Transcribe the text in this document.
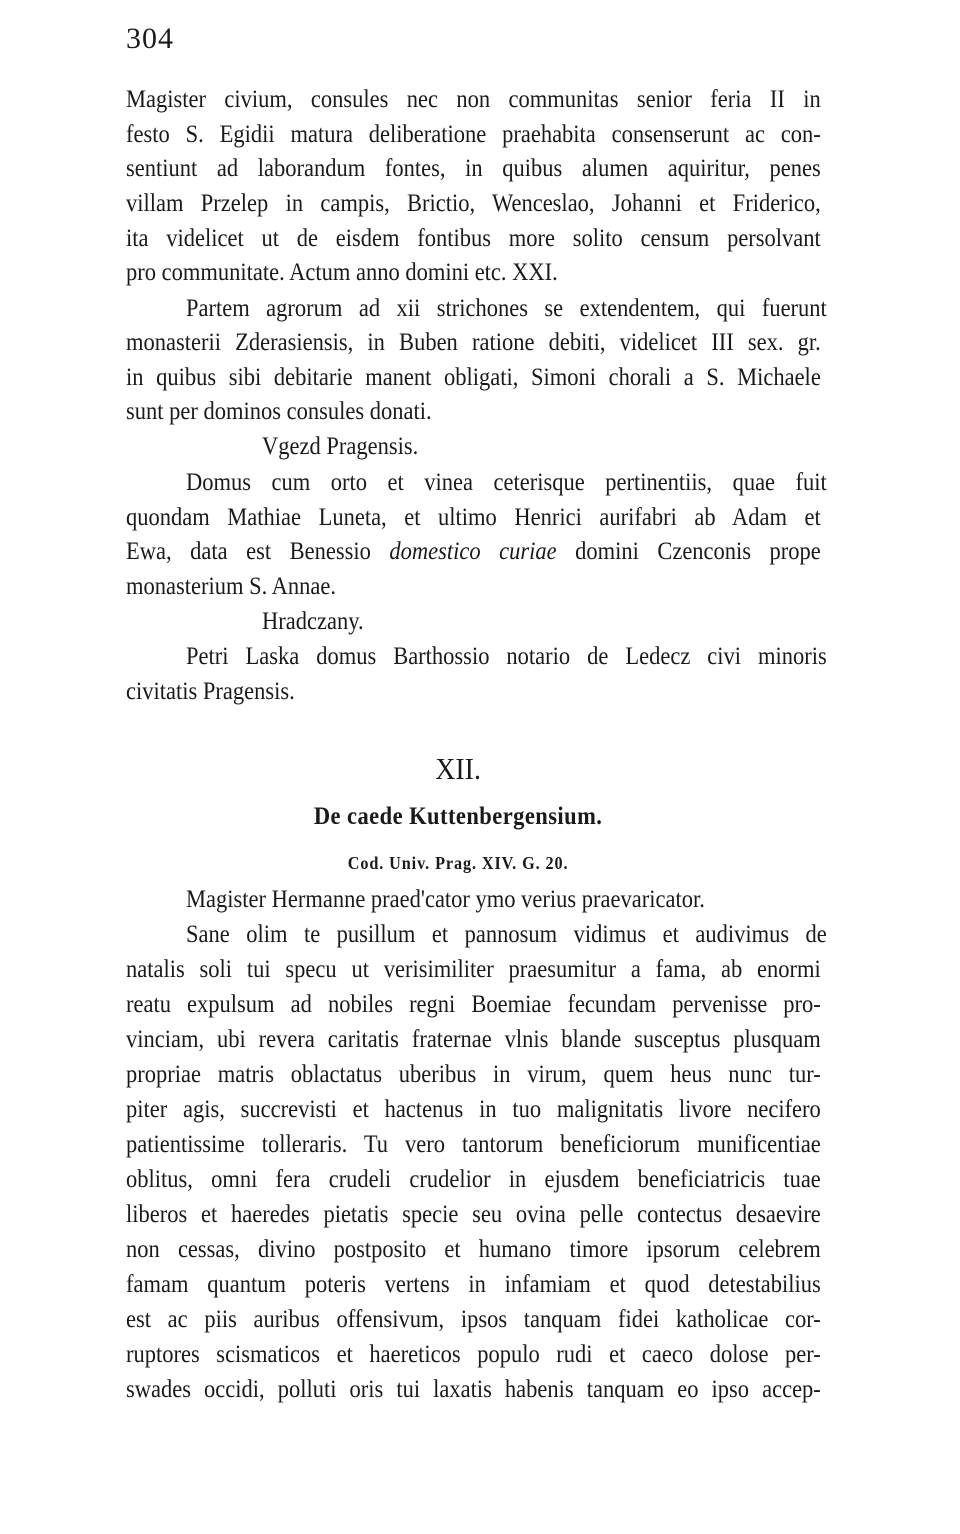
304
Magister civium, consules nec non communitas senior feria II in
festo S. Egidii matura deliberatione praehabita consenserunt ac con-
sentiunt ad laborandum fontes, in quibus alumen aquiritur, penes
villam Przelep in campis, Brictio, Wenceslao, Johanni et Friderico,
ita videlicet ut de eisdem fontibus more solito censum persolvant
pro communitate. Actum anno domini etc. XXI.
Partem agrorum ad xii strichones se extendentem, qui fuerunt
monasterii Zderasiensis, in Buben ratione debiti, videlicet III sex. gr.
in quibus sibi debitarie manent obligati, Simoni chorali a S. Michaele
sunt per dominos consules donati.
Vgezd Pragensis.
Domus cum orto et vinea ceterisque pertinentiis, quae fuit
quondam Mathiae Luneta, et ultimo Henrici aurifabri ab Adam et
Ewa, data est Benessio domestico curiae domini Czenconis prope
monasterium S. Annae.
Hradczany.
Petri Laska domus Barthossio notario de Ledecz civi minoris
civitatis Pragensis.
XII.
De caede Kuttenbergensium.
Cod. Univ. Prag. XIV. G. 20.
Magister Hermanne praed'cator ymo verius praevaricator.
Sane olim te pusillum et pannosum vidimus et audivimus de
natalis soli tui specu ut verisimiliter praesumitur a fama, ab enormi
reatu expulsum ad nobiles regni Boemiae fecundam pervenisse pro-
vinciam, ubi revera caritatis fraternae vlnis blande susceptus plusquam
propriae matris oblactatus uberibus in virum, quem heus nunc tur-
piter agis, succrevisti et hactenus in tuo malignitatis livore necifero
patientissime tolleraris. Tu vero tantorum beneficiorum munificentiae
oblitus, omni fera crudeli crudelior in ejusdem beneficiatricis tuae
liberos et haeredes pietatis specie seu ovina pelle contectus desaevire
non cessas, divino postposito et humano timore ipsorum celebrem
famam quantum poteris vertens in infamiam et quod detestabilius
est ac piis auribus offensivum, ipsos tanquam fidei katholicae cor-
ruptores scismaticos et haereticos populo rudi et caeco dolose per-
swades occidi, polluti oris tui laxatis habenis tanquam eo ipso accep-
